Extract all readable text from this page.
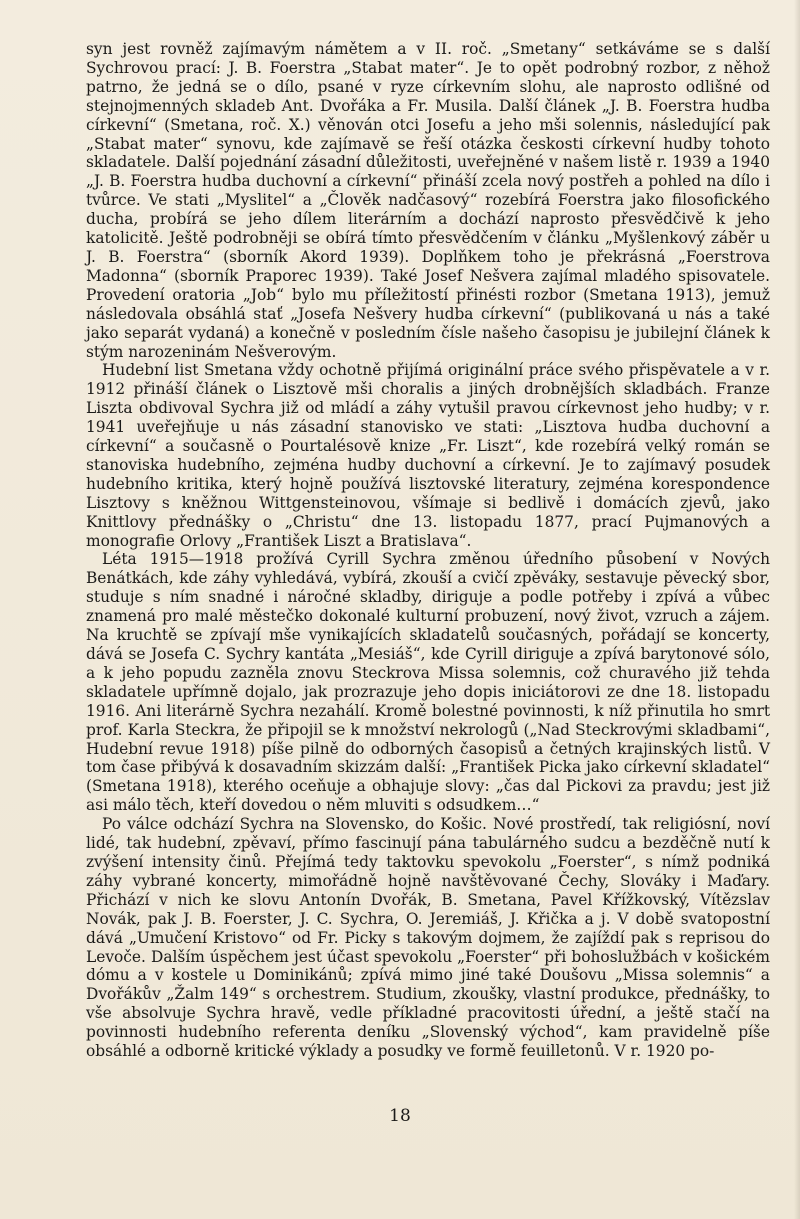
syn jest rovněž zajímavým námětem a v II. roč. „Smetany“ setkáváme se s další Sychrovou prací: J. B. Foerstra „Stabat mater“. Je to opět podrobný rozbor, z něhož patrno, že jedná se o dílo, psané v ryze církevním slohu, ale naprosto odlišné od stejnojmenných skladeb Ant. Dvořáka a Fr. Musila. Další článek „J. B. Foerstra hudba církevní“ (Smetana, roč. X.) věnován otci Josefu a jeho mši solennis, následující pak „Stabat mater“ synovu, kde zajímavě se řeší otázka českosti církevní hudby tohoto skladatele. Další pojednání zásadní důležitosti, uveřejněné v našem listě r. 1939 a 1940 „J. B. Foerstra hudba duchovní a církevní“ přináší zcela nový postřeh a pohled na dílo i tvůrce. Ve stati „Myslitel“ a „Člověk nadčasový“ rozebírá Foerstra jako filosofického ducha, probírá se jeho dílem literárním a dochází naprosto přesvědčivě k jeho katolicitě. Ještě podrobněji se obírá tímto přesvědčením v článku „Myšlenkový záběr u J. B. Foerstra“ (sborník Akord 1939). Doplňkem toho je překrásná „Foerstrova Madonna“ (sborník Praporec 1939). Také Josef Nešvera zajímal mladého spisovatele. Provedení oratoria „Job“ bylo mu příležitostí přinésti rozbor (Smetana 1913), jemuž následovala obsáhlá stať „Josefa Nešvery hudba církevní“ (publikovaná u nás a také jako separát vydaná) a konečně v posledním čísle našeho časopisu je jubilejní článek k stým narozeninám Nešverovým.

Hudební list Smetana vždy ochotně přijímá originální práce svého přispěvatele a v r. 1912 přináší článek o Lisztově mši choralis a jiných drobnějších skladbách. Franze Liszta obdivoval Sychra již od mládí a záhy vytušil pravou církevnost jeho hudby; v r. 1941 uveřejňuje u nás zásadní stanovisko ve stati: „Lisztova hudba duchovní a církevní“ a současně o Pourtalésově knize „Fr. Liszt“, kde rozebírá velký román se stanoviska hudebního, zejména hudby duchovní a církevní. Je to zajímavý posudek hudebního kritika, který hojně používá lisztovské literatury, zejména korespondence Lisztovy s kněžnou Wittgensteinovou, všímaje si bedlivě i domácích zjevů, jako Knittlovy přednášky o „Christu“ dne 13. listopadu 1877, prací Pujmanových a monografie Orlovy „František Liszt a Bratislava“.

Léta 1915—1918 prožívá Cyrill Sychra změnou úředního působení v Nových Benátkách, kde záhy vyhledává, vybírá, zkouší a cvičí zpěváky, sestavuje pěvecký sbor, studuje s ním snadné i náročné skladby, diriguje a podle potřeby i zpívá a vůbec znamená pro malé městečko dokonalé kulturní probuzení, nový život, vzruch a zájem. Na kruchtě se zpívají mše vynikajících skladatelů současných, pořádají se koncerty, dává se Josefa C. Sychry kantáta „Mesiáš“, kde Cyrill diriguje a zpívá barytonové sólo, a k jeho popudu zazněla znovu Steckrova Missa solemnis, což churavého již tehda skladatele upřímně dojalo, jak prozrazuje jeho dopis iniciátorovi ze dne 18. listopadu 1916. Ani literárně Sychra nezahálí. Kromě bolestné povinnosti, k níž přinutila ho smrt prof. Karla Steckra, že připojil se k množství nekrologů („Nad Steckrovými skladbami“, Hudební revue 1918) píše pilně do odborných časopisů a četných krajinských listů. V tom čase přibývá k dosavadním skizzám další: „František Picka jako církevní skladatel“ (Smetana 1918), kterého oceňuje a obhajuje slovy: „čas dal Pickovi za pravdu; jest již asi málo těch, kteří dovedou o něm mluviti s odsudkem…“

Po válce odchází Sychra na Slovensko, do Košic. Nové prostředí, tak religiósní, noví lidé, tak hudební, zpěvaví, přímo fascinují pána tabulárného sudcu a bezděčně nutí k zvýšení intensity činů. Přejímá tedy taktovku spevokolu „Foerster“, s nímž podniká záhy vybrané koncerty, mimořádně hojně navštěvované Čechy, Slováky i Maďary. Přichází v nich ke slovu Antonín Dvořák, B. Smetana, Pavel Křížkovský, Vítězslav Novák, pak J. B. Foerster, J. C. Sychra, O. Jeremiáš, J. Křička a j. V době svatopostní dává „Umučení Kristovo“ od Fr. Picky s takovým dojmem, že zajíždí pak s reprisou do Levoče. Dalším úspěchem jest účast spevokolu „Foerster“ při bohoslužbách v košickém dómu a v kostele u Dominikánů; zpívá mimo jiné také Doušovu „Missa solemnis“ a Dvořákův „Žalm 149“ s orchestrem. Studium, zkoušky, vlastní produkce, přednášky, to vše absolvuje Sychra hravě, vedle příkladné pracovitosti úřední, a ještě stačí na povinnosti hudebního referenta deníku „Slovenský východ“, kam pravidelně píše obsáhlé a odborně kritické výklady a posudky ve formě feuilletonů. V r. 1920 po-

18
